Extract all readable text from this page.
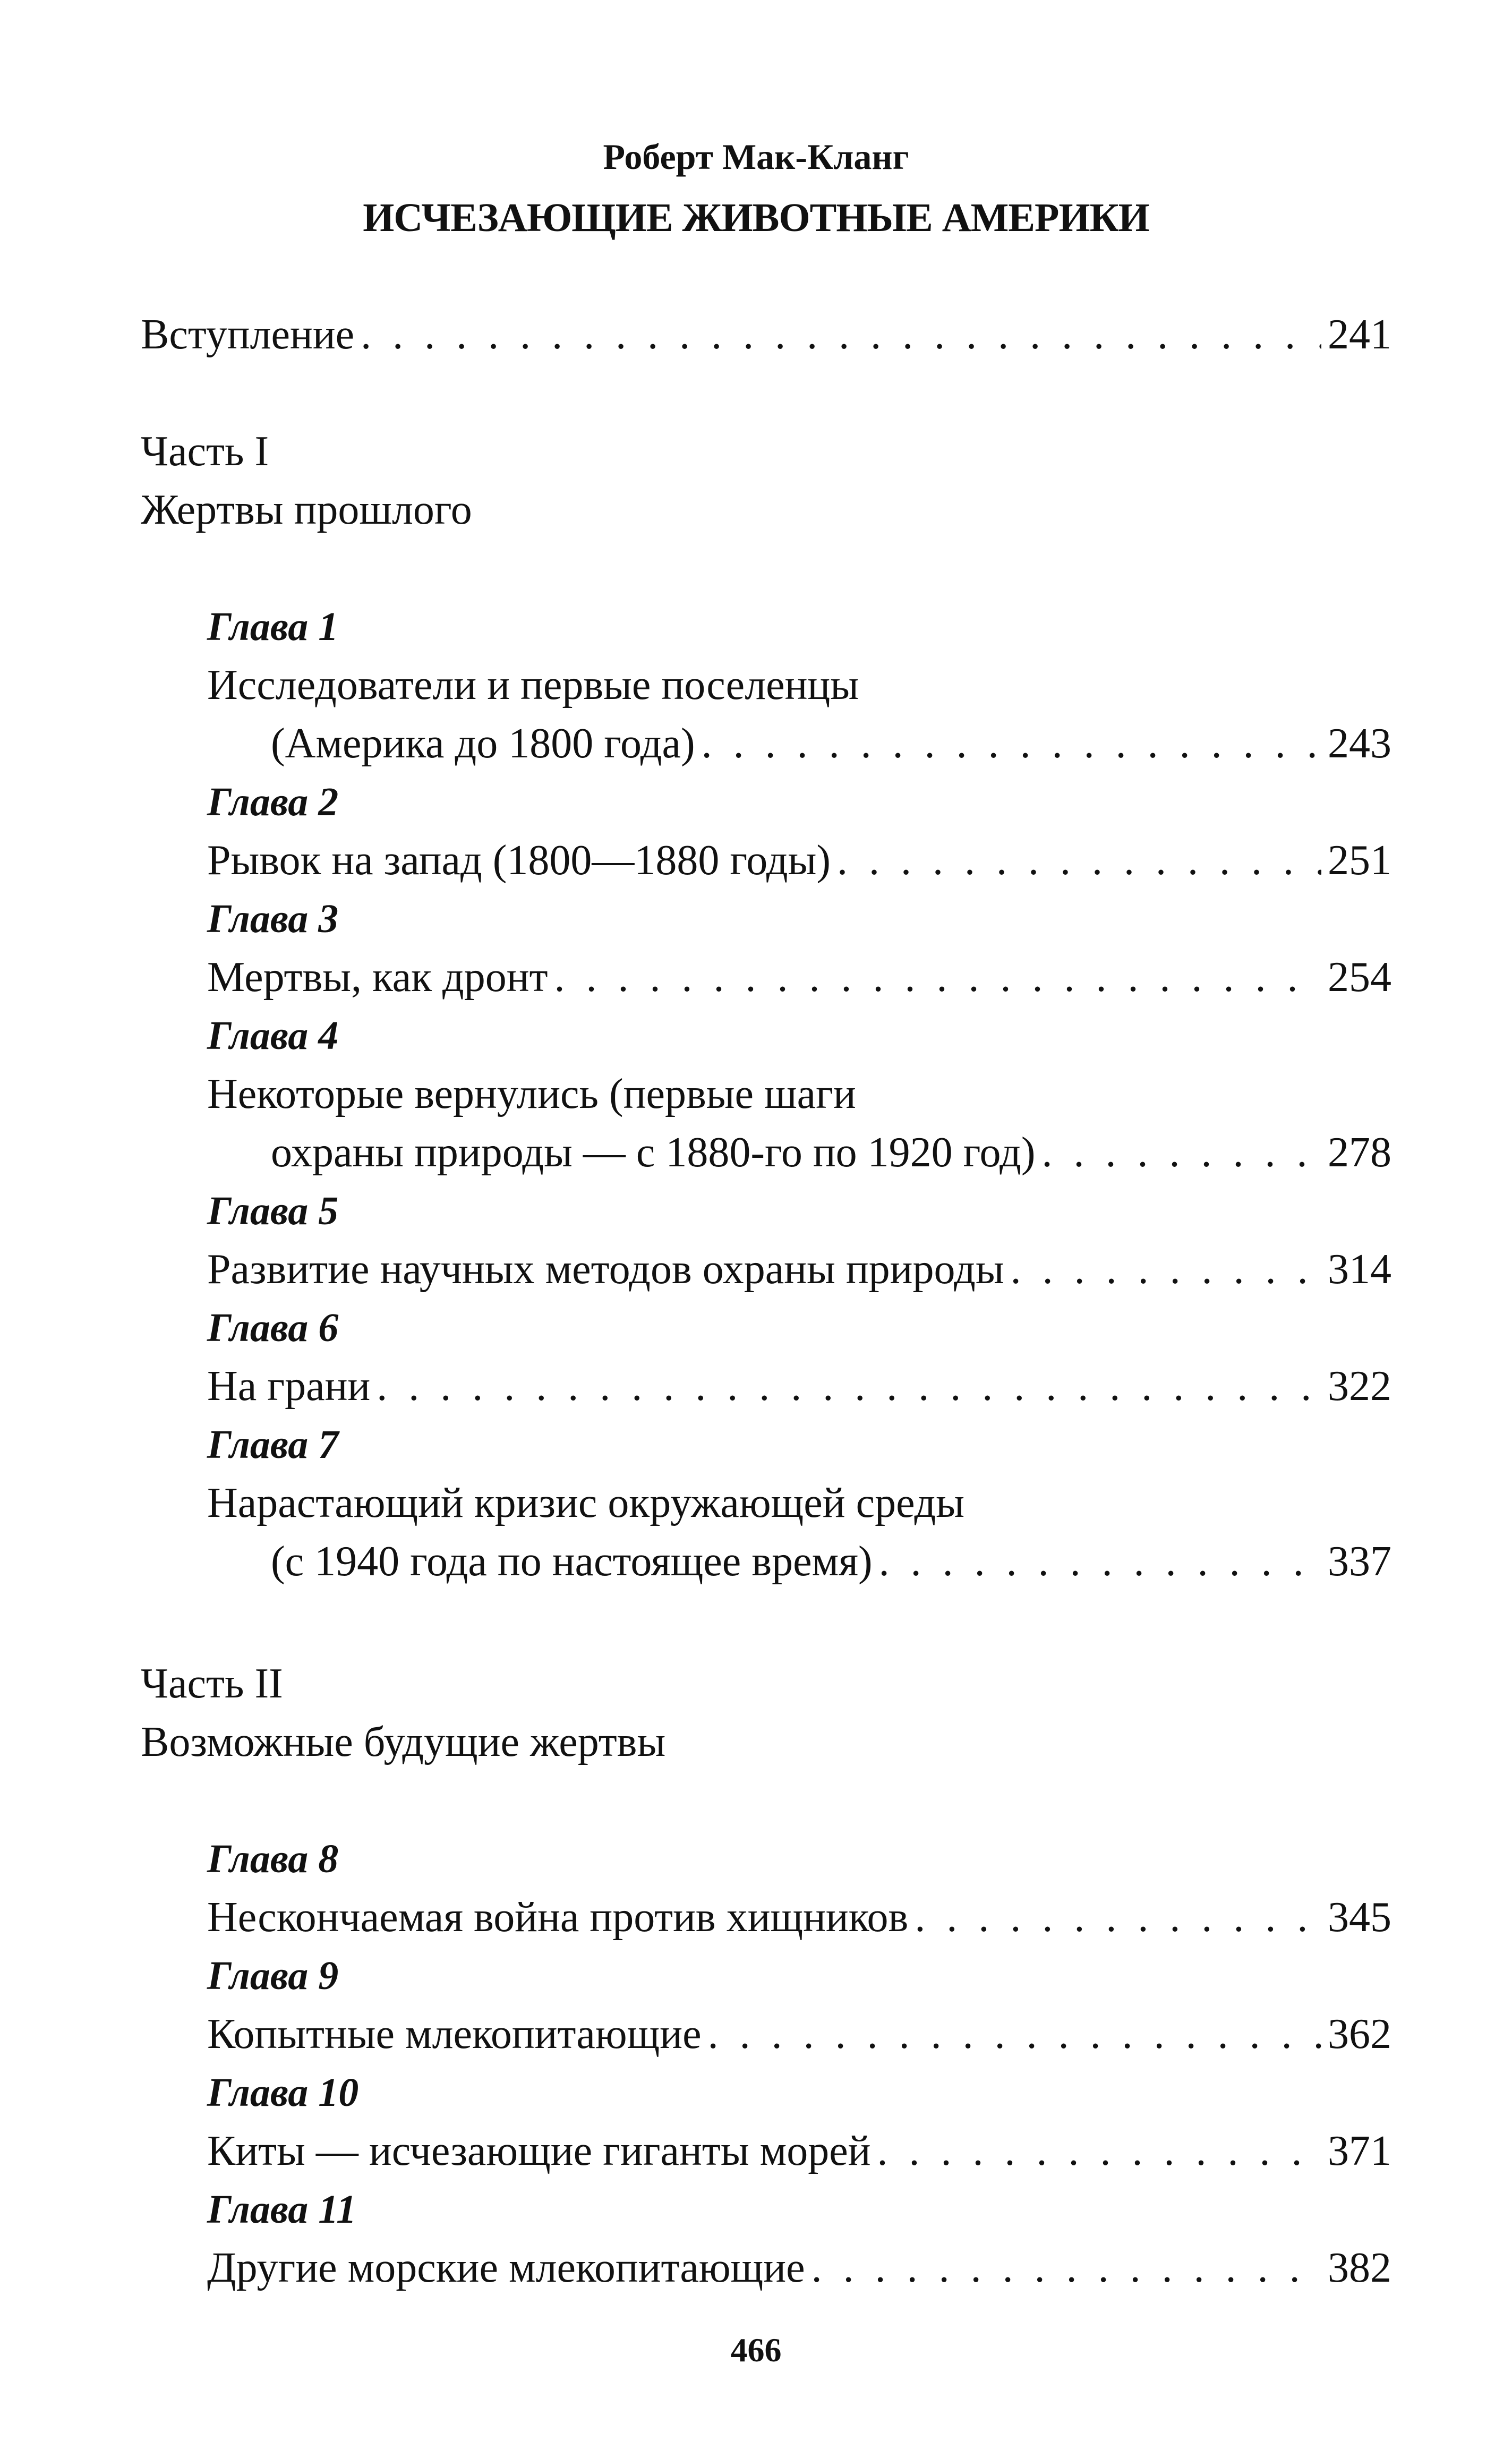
Роберт Мак-Кланг
ИСЧЕЗАЮЩИЕ ЖИВОТНЫЕ АМЕРИКИ
Вступление . . .	241
Часть I
Жертвы прошлого
Глава 1
Исследователи и первые поселенцы
(Америка до 1800 года) . . .	243
Глава 2
Рывок на запад (1800—1880 годы) . . .	251
Глава 3
Мертвы, как дронт . . .	254
Глава 4
Некоторые вернулись (первые шаги
охраны природы — с 1880-го по 1920 год) . . .	278
Глава 5
Развитие научных методов охраны природы . . .	314
Глава 6
На грани . . .	322
Глава 7
Нарастающий кризис окружающей среды
(с 1940 года по настоящее время) . . .	337
Часть II
Возможные будущие жертвы
Глава 8
Нескончаемая война против хищников . . .	345
Глава 9
Копытные млекопитающие . . .	362
Глава 10
Киты — исчезающие гиганты морей . . .	371
Глава 11
Другие морские млекопитающие . . .	382
466
